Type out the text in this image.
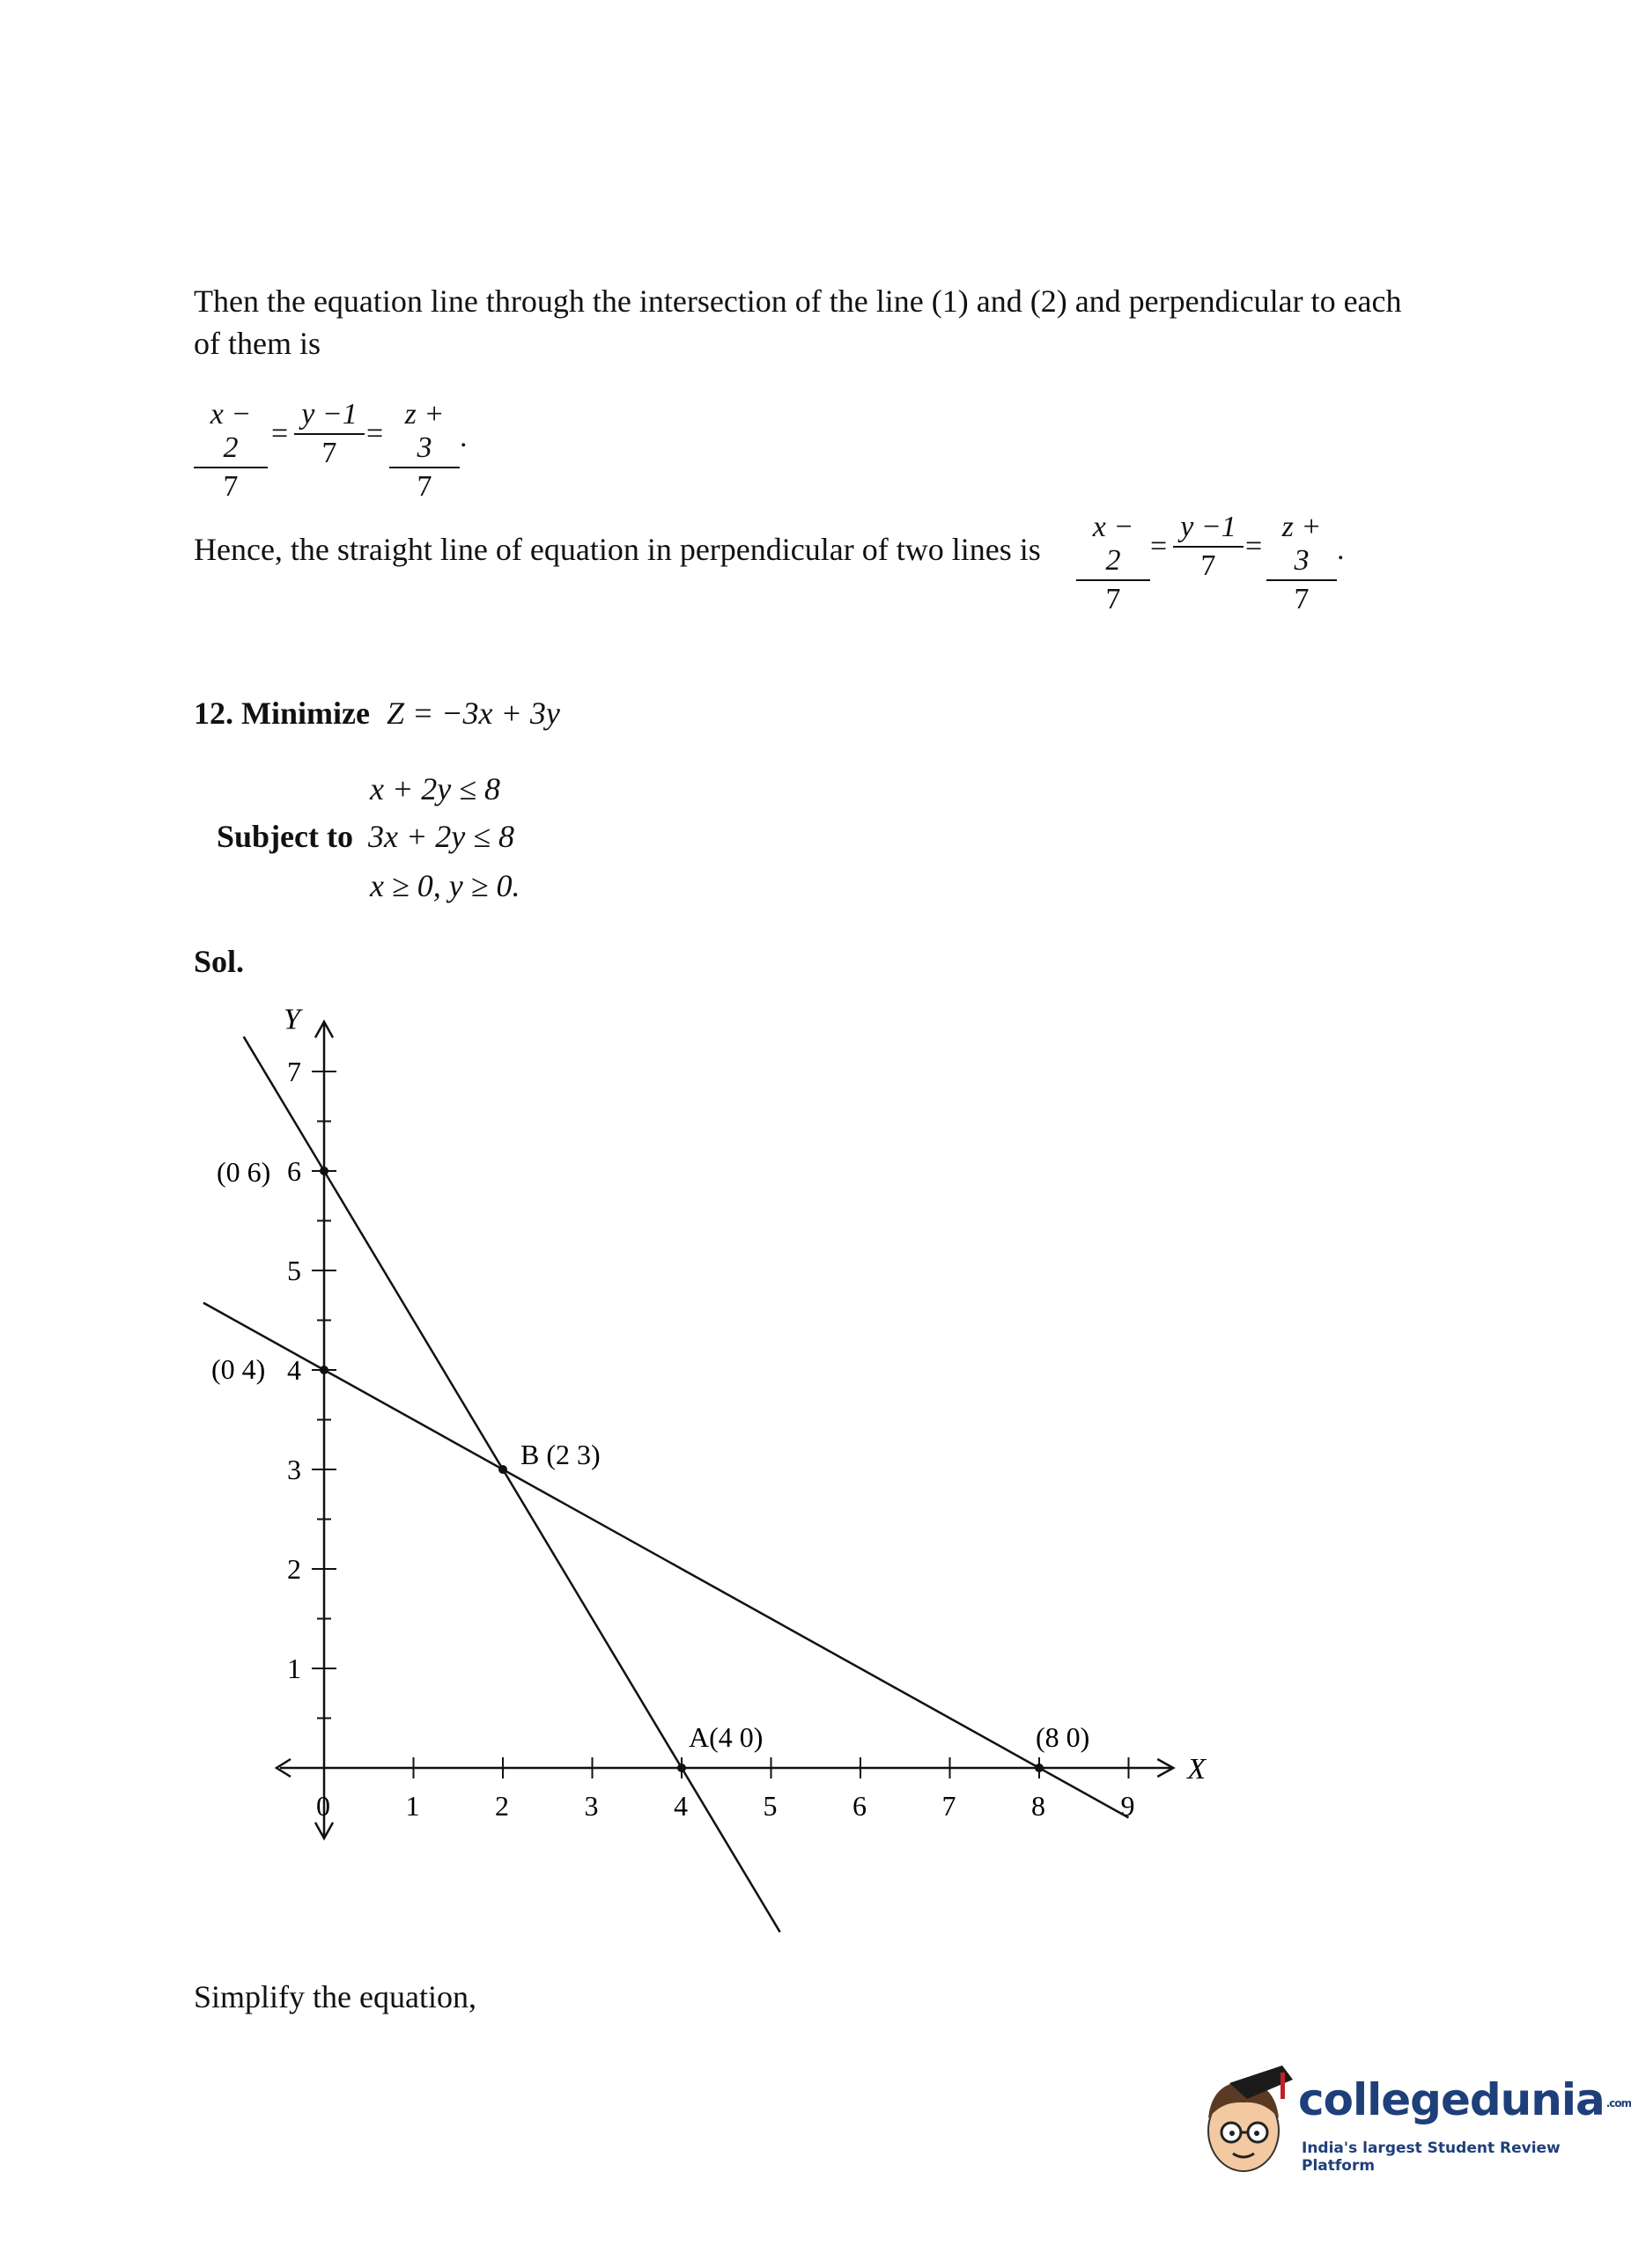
Then the equation line through the intersection of the line (1) and (2) and perpendicular to each
of them is
$\frac{x - 2}{7} = \frac{y -1}{7} = \frac{z + 3}{7}$ .
Hence, the straight line of equation in perpendicular of two lines is $\frac{x - 2}{7} = \frac{y -1}{7} = \frac{z + 3}{7}$ .
12. Minimize Z = −3x + 3y
x + 2y ≤ 8
Subject to 3x + 2y ≤ 8
x ≥ 0, y ≥ 0.
Sol.
X
Y
0	1	2	3	4	5	6	7	8	9
1
2
3
4
5
6
7
(0 6)
(0 4)
B (2 3)
A(4 0)	(8 0)
Simplify the equation,
collegedunia .com
India's largest Student Review Platform
